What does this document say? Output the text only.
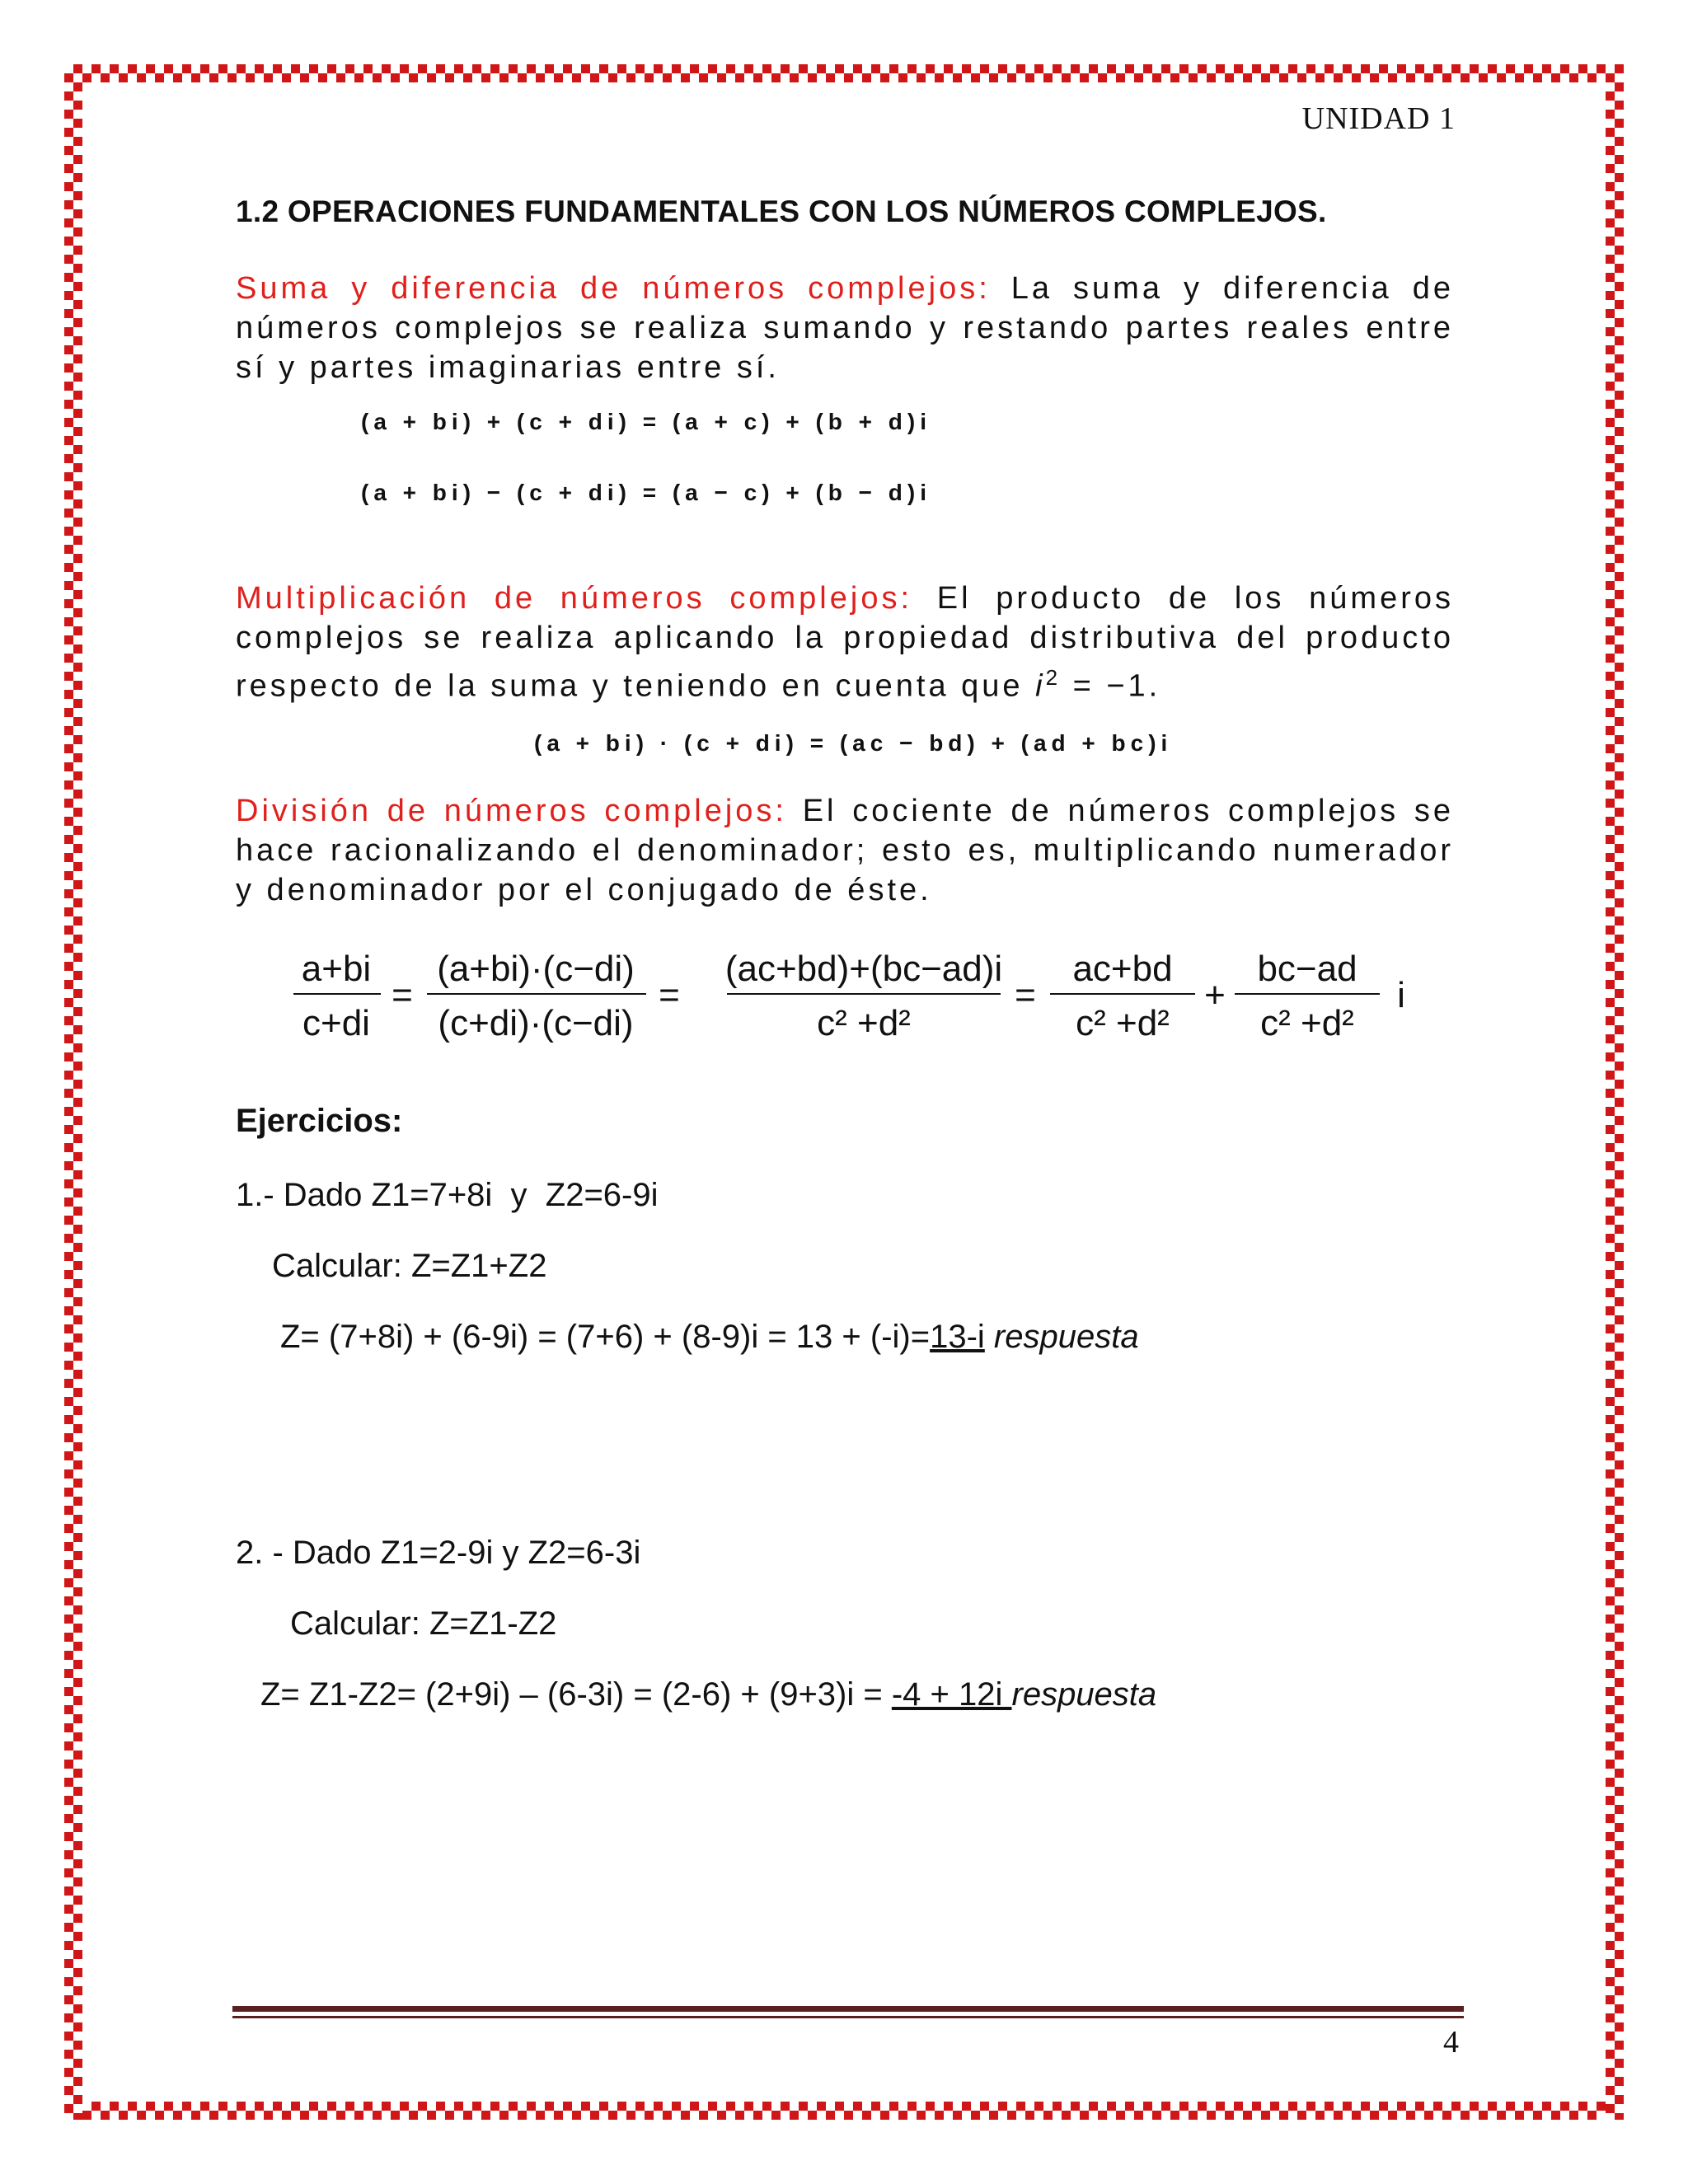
UNIDAD 1
1.2 OPERACIONES FUNDAMENTALES CON LOS NÚMEROS COMPLEJOS.
Suma y diferencia de números complejos: La suma y diferencia de números complejos se realiza sumando y restando partes reales entre sí y partes imaginarias entre sí.
(a + bi) + (c + di) = (a + c) + (b + d)i
(a + bi) − (c + di) = (a − c) + (b − d)i
Multiplicación de números complejos: El producto de los números complejos se realiza aplicando la propiedad distributiva del producto respecto de la suma y teniendo en cuenta que $i^2 = -1$.
(a + bi) · (c + di) = (ac − bd) + (ad + bc)i
División de números complejos: El cociente de números complejos se hace racionalizando el denominador; esto es, multiplicando numerador y denominador por el conjugado de éste.
a+bi
c+di
=
(a+bi)·(c−di)
(c+di)·(c−di)
=
(ac+bd)+(bc−ad)i
c² +d²
=
ac+bd
c² +d²
+
bc−ad
c² +d²
i
Ejercicios:
1.- Dado Z1=7+8i  y  Z2=6-9i
Calcular: Z=Z1+Z2
Z= (7+8i) + (6-9i) = (7+6) + (8-9)i = 13 + (-i)=13-i respuesta
2. - Dado Z1=2-9i y Z2=6-3i
Calcular: Z=Z1-Z2
Z= Z1-Z2= (2+9i) – (6-3i) = (2-6) + (9+3)i = -4 + 12i respuesta
4
